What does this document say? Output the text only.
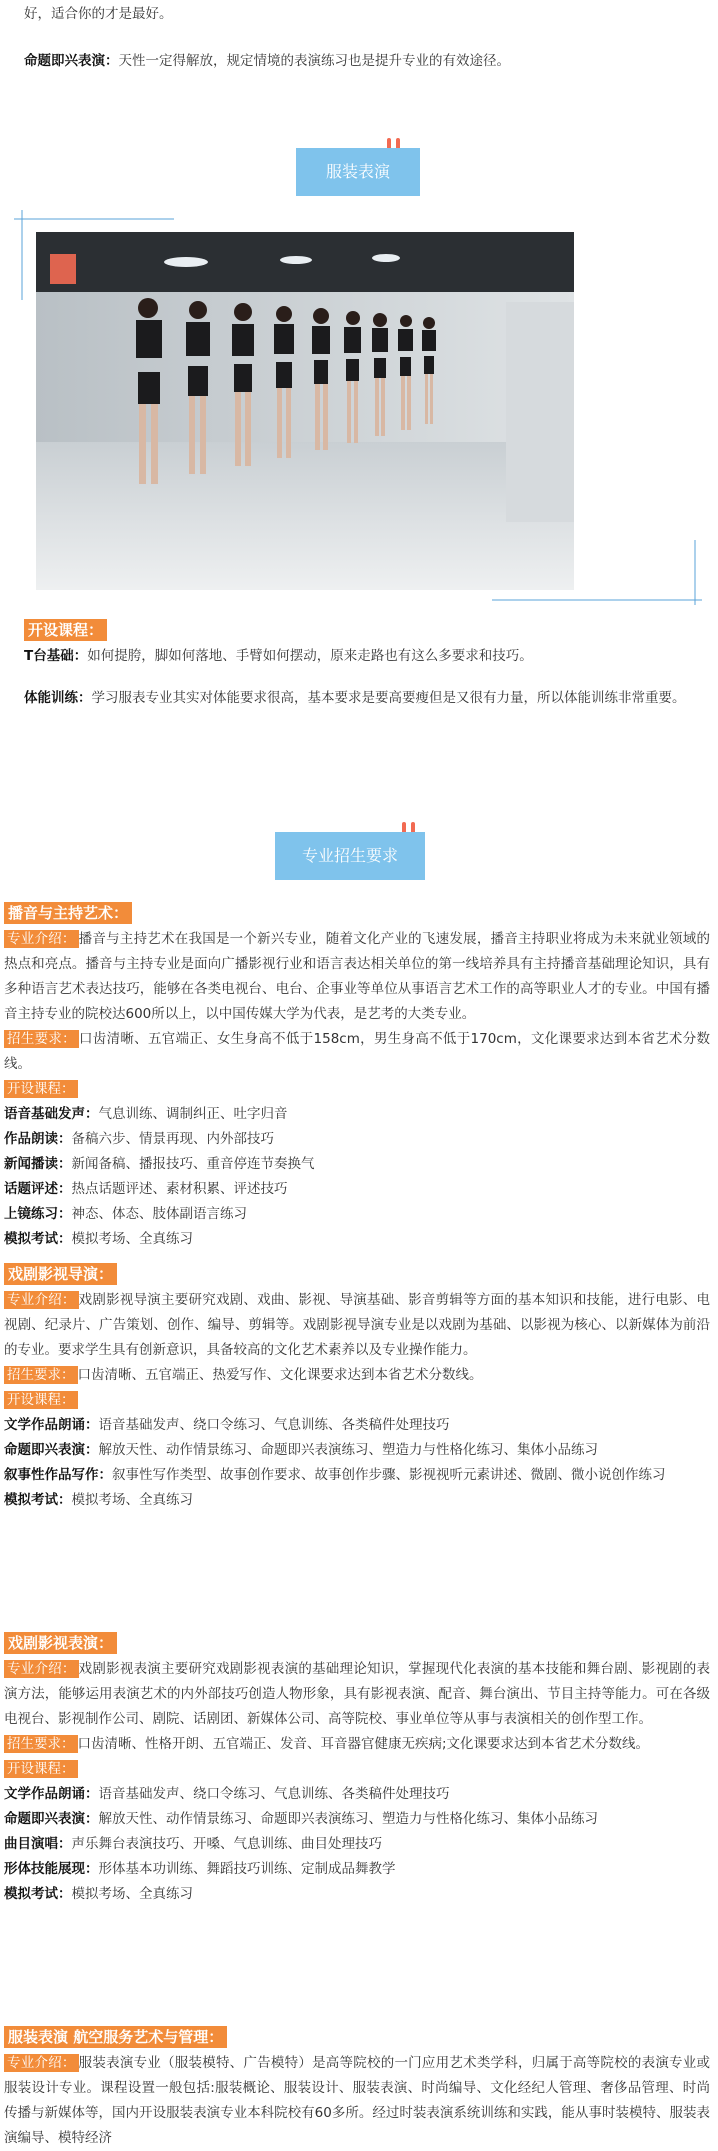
好，适合你的才是最好。

命题即兴表演：天性一定得解放，规定情境的表演练习也是提升专业的有效途径。

服装表演
开设课程：

T台基础：如何提胯，脚如何落地、手臂如何摆动，原来走路也有这么多要求和技巧。

体能训练：学习服表专业其实对体能要求很高，基本要求是要高要瘦但是又很有力量，所以体能训练非常重要。

专业招生要求
播音与主持艺术：

专业介绍： 播音与主持艺术在我国是一个新兴专业，随着文化产业的飞速发展，播音主持职业将成为未来就业领域的热点和亮点。播音与主持专业是面向广播影视行业和语言表达相关单位的第一线培养具有主持播音基础理论知识，具有多种语言艺术表达技巧，能够在各类电视台、电台、企事业等单位从事语言艺术工作的高等职业人才的专业。中国有播音主持专业的院校达600所以上，以中国传媒大学为代表，是艺考的大类专业。

招生要求： 口齿清晰、五官端正、女生身高不低于158cm，男生身高不低于170cm，文化课要求达到本省艺术分数线。

开设课程：

语音基础发声：气息训练、调制纠正、吐字归音

作品朗读：备稿六步、情景再现、内外部技巧

新闻播读：新闻备稿、播报技巧、重音停连节奏换气

话题评述：热点话题评述、素材积累、评述技巧

上镜练习：神态、体态、肢体副语言练习

模拟考试：模拟考场、全真练习

戏剧影视导演：

专业介绍： 戏剧影视导演主要研究戏剧、戏曲、影视、导演基础、影音剪辑等方面的基本知识和技能，进行电影、电视剧、纪录片、广告策划、创作、编导、剪辑等。戏剧影视导演专业是以戏剧为基础、以影视为核心、以新媒体为前沿的专业。要求学生具有创新意识，具备较高的文化艺术素养以及专业操作能力。

招生要求： 口齿清晰、五官端正、热爱写作、文化课要求达到本省艺术分数线。

开设课程：

文学作品朗诵：语音基础发声、绕口令练习、气息训练、各类稿件处理技巧

命题即兴表演：解放天性、动作情景练习、命题即兴表演练习、塑造力与性格化练习、集体小品练习

叙事性作品写作：叙事性写作类型、故事创作要求、故事创作步骤、影视视听元素讲述、微剧、微小说创作练习

模拟考试：模拟考场、全真练习

戏剧影视表演：

专业介绍： 戏剧影视表演主要研究戏剧影视表演的基础理论知识，掌握现代化表演的基本技能和舞台剧、影视剧的表演方法，能够运用表演艺术的内外部技巧创造人物形象，具有影视表演、配音、舞台演出、节目主持等能力。可在各级电视台、影视制作公司、剧院、话剧团、新媒体公司、高等院校、事业单位等从事与表演相关的创作型工作。

招生要求： 口齿清晰、性格开朗、五官端正、发音、耳音器官健康无疾病;文化课要求达到本省艺术分数线。

开设课程：

文学作品朗诵：语音基础发声、绕口令练习、气息训练、各类稿件处理技巧

命题即兴表演：解放天性、动作情景练习、命题即兴表演练习、塑造力与性格化练习、集体小品练习

曲目演唱：声乐舞台表演技巧、开嗓、气息训练、曲目处理技巧

形体技能展现：形体基本功训练、舞蹈技巧训练、定制成品舞教学

模拟考试：模拟考场、全真练习

服装表演 航空服务艺术与管理：

专业介绍： 服装表演专业（服装模特、广告模特）是高等院校的一门应用艺术类学科，归属于高等院校的表演专业或服装设计专业。课程设置一般包括:服装概论、服装设计、服装表演、时尚编导、文化经纪人管理、奢侈品管理、时尚传播与新媒体等，国内开设服装表演专业本科院校有60多所。经过时装表演系统训练和实践，能从事时装模特、服装表演编导、模特经济
